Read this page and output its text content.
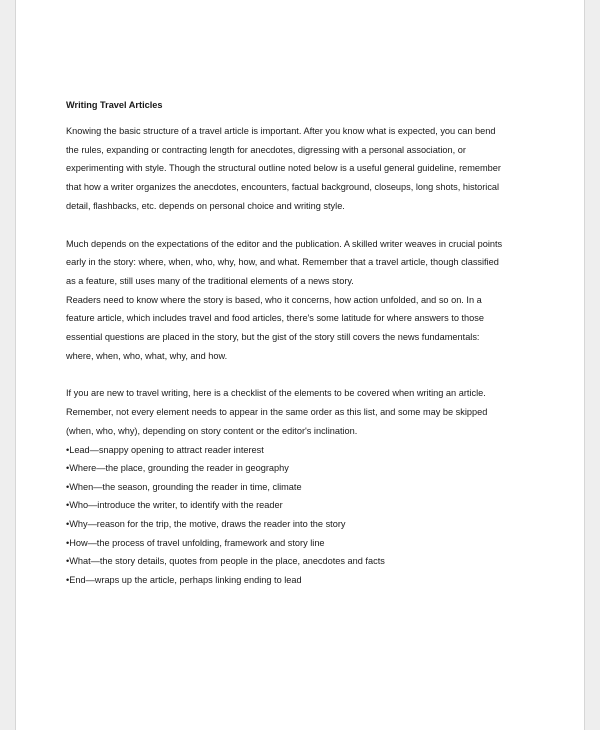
Writing Travel Articles
Knowing the basic structure of a travel article is important. After you know what is expected, you can bend
the rules, expanding or contracting length for anecdotes, digressing with a personal association, or
experimenting with style. Though the structural outline noted below is a useful general guideline, remember
that how a writer organizes the anecdotes, encounters, factual background, closeups, long shots, historical
detail, flashbacks, etc. depends on personal choice and writing style.
Much depends on the expectations of the editor and the publication. A skilled writer weaves in crucial points
early in the story: where, when, who, why, how, and what. Remember that a travel article, though classified
as a feature, still uses many of the traditional elements of a news story.
Readers need to know where the story is based, who it concerns, how action unfolded, and so on. In a
feature article, which includes travel and food articles, there's some latitude for where answers to those
essential questions are placed in the story, but the gist of the story still covers the news fundamentals:
where, when, who, what, why, and how.
If you are new to travel writing, here is a checklist of the elements to be covered when writing an article.
Remember, not every element needs to appear in the same order as this list, and some may be skipped
(when, who, why), depending on story content or the editor's inclination.
•Lead—snappy opening to attract reader interest
•Where—the place, grounding the reader in geography
•When—the season, grounding the reader in time, climate
•Who—introduce the writer, to identify with the reader
•Why—reason for the trip, the motive, draws the reader into the story
•How—the process of travel unfolding, framework and story line
•What—the story details, quotes from people in the place, anecdotes and facts
•End—wraps up the article, perhaps linking ending to lead
